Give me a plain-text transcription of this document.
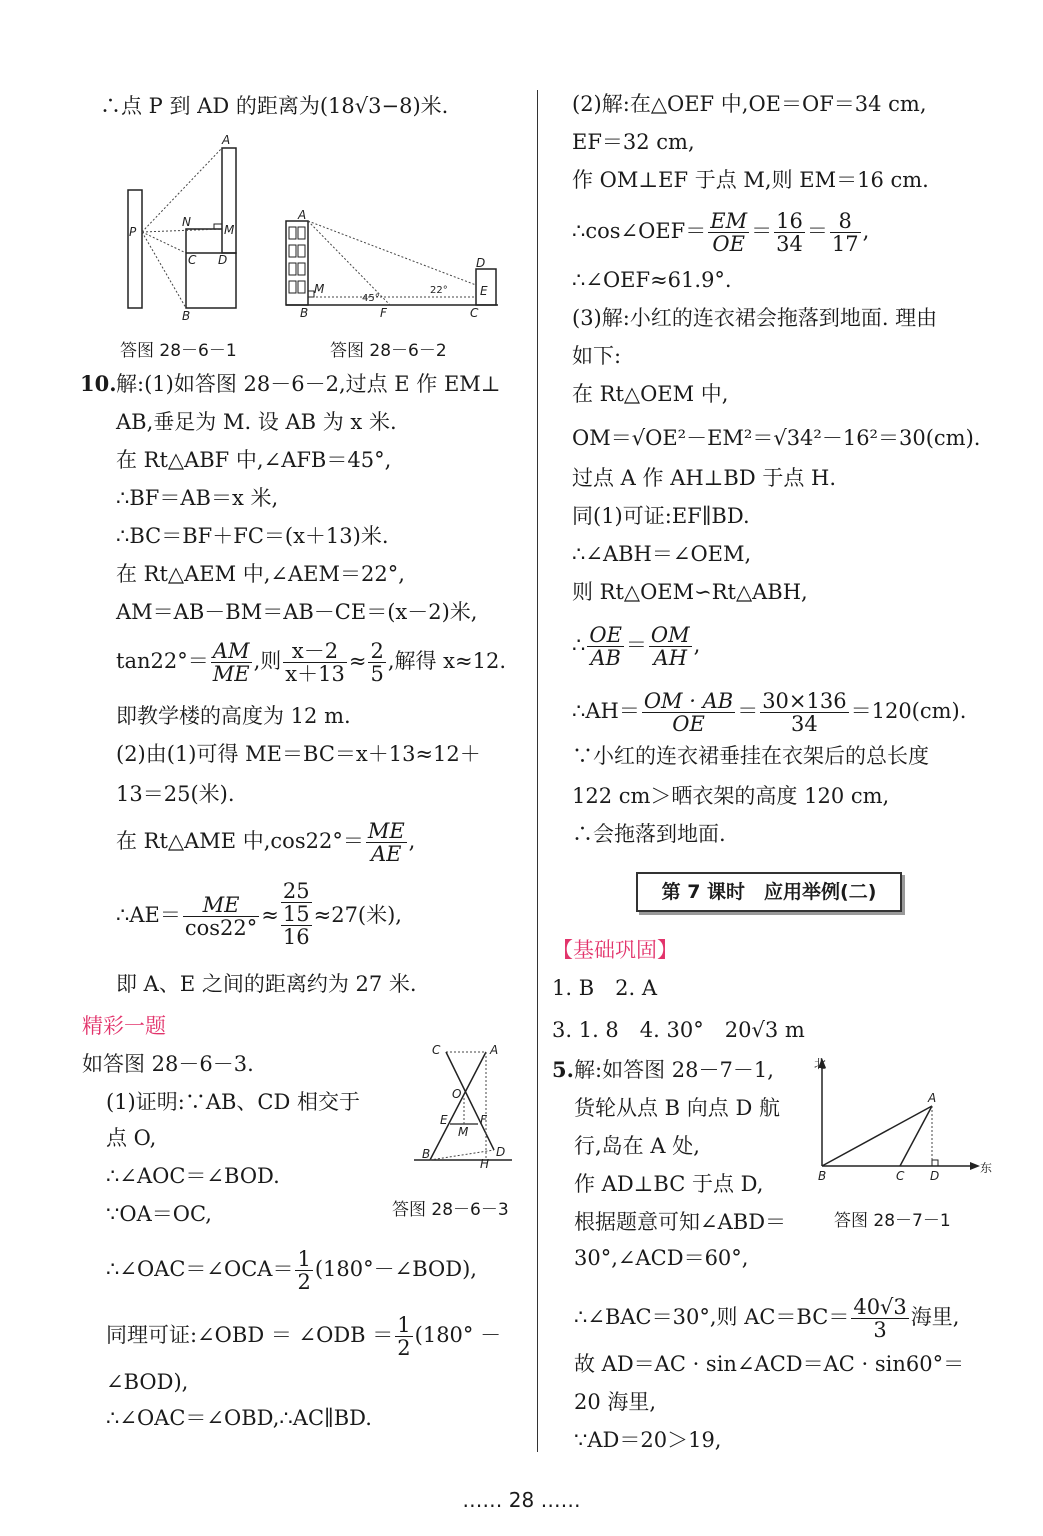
∴点 P 到 AD 的距离为(18√3−8)米.
A
P
N
M
C D
B
答图 28－6－1
A
M
B	F	C
D
E
45°
22°
答图 28－6－2
10. 解:(1)如答图 28－6－2,过点 E 作 EM⊥
AB,垂足为 M. 设 AB 为 x 米.
在 Rt△ABF 中,∠AFB＝45°,
∴BF＝AB＝x 米,
∴BC＝BF＋FC＝(x＋13)米.
在 Rt△AEM 中,∠AEM＝22°,
AM＝AB－BM＝AB－CE＝(x－2)米,
$\tan 22^\circ= \frac{AM}{ME}$ ,则 $\frac{x-2}{x+13} \approx \frac{2}{5}$ ,解得 x≈12.
即教学楼的高度为 12 m.
(2)由(1)可得 ME＝BC＝x＋13≈12＋
13＝25(米).
在 Rt△AME 中$,\cos 22^\circ= \frac{ME}{AE}$ ,
∴AE＝ $\frac{ME}{\cos 22^\circ}$ ≈
25
15
16
≈27(米),
即 A、E 之间的距离约为 27 米.
精彩一题
如答图 28－6－3.
(1)证明:∵AB、CD 相交于
点 O,
∴∠AOC＝∠BOD.
∵OA＝OC,
C	A
O
E	F
M
B	D
H
答图 28－6－3
∴∠OAC＝∠OCA＝ $\frac{1}{2}$ (180°－∠BOD),
同理可证:∠OBD ＝ ∠ODB ＝ $\frac{1}{2} (180^\circ$ －
∠BOD),
∴∠OAC＝∠OBD,∴AC∥BD.
(2)解:在△OEF 中,OE＝OF＝34 cm,
EF＝32 cm,
作 OM⊥EF 于点 M,则 EM＝16 cm.
∴cos∠OEF＝ $\frac{EM}{OE} = \frac{16}{34} = \frac{8}{17}$ ,
∴∠OEF≈61.9°.
(3)解:小红的连衣裙会拖落到地面. 理由
如下:
在 Rt△OEM 中,
OM＝√OE²－EM²＝√34²－16²＝30(cm).
过点 A 作 AH⊥BD 于点 H.
同(1)可证:EF∥BD.
∴∠ABH＝∠OEM,
则 Rt△OEM∽Rt△ABH,
∴ $\frac{OE}{AB} = \frac{OM}{AH}$ ,
∴AH＝ $\frac{OM \cdot AB}{OE} = \frac{30\times 136}{34} =120(cm)$.
∵小红的连衣裙垂挂在衣架后的总长度
122 cm＞晒衣架的高度 120 cm,
∴会拖落到地面.
第 7 课时　应用举例(二)
【基础巩固】
1. B　2. A
3. 1. 8　4. 30°　20√3 m
5. 解:如答图 28－7－1,
货轮从点 B 向点 D 航
行,岛在 A 处,
作 AD⊥BC 于点 D,
根据题意可知∠ABD＝
30°,∠ACD＝60°,
北
东
A
B	C D
答图 28－7－1
∴∠BAC＝30°,则 $AC=BC= \frac{40√3}{3}$ 海里,
故 AD＝AC · sin∠ACD＝AC · sin60°＝
20 海里,
∵AD＝20＞19,
…… 28 ……
